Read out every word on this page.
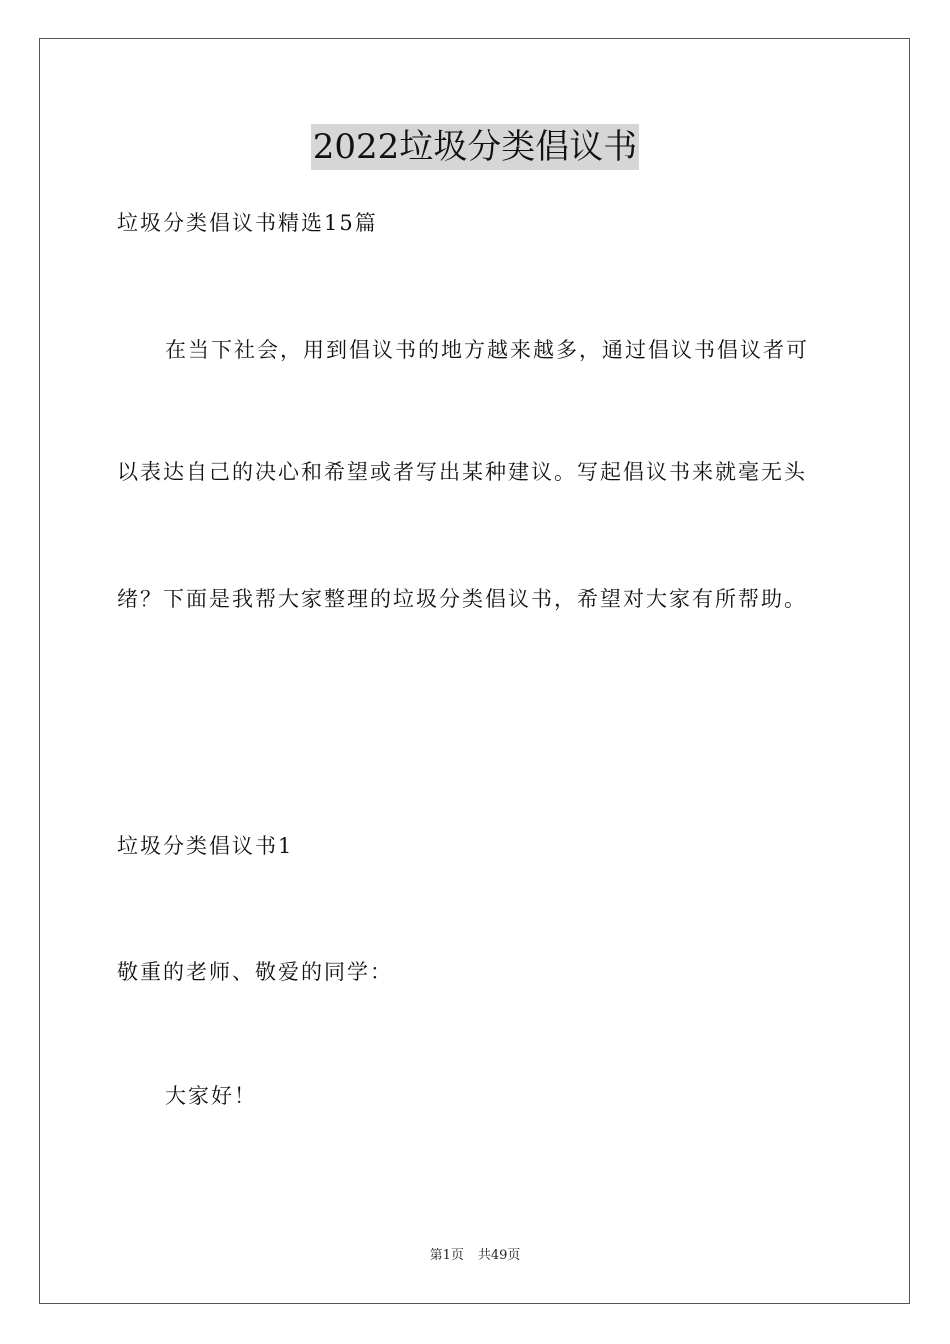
2022垃圾分类倡议书

垃圾分类倡议书精选15篇

在当下社会，用到倡议书的地方越来越多，通过倡议书倡议者可

以表达自己的决心和希望或者写出某种建议。写起倡议书来就毫无头

绪？下面是我帮大家整理的垃圾分类倡议书，希望对大家有所帮助。

垃圾分类倡议书1

敬重的老师、敬爱的同学：

大家好！

第1页 共49页
